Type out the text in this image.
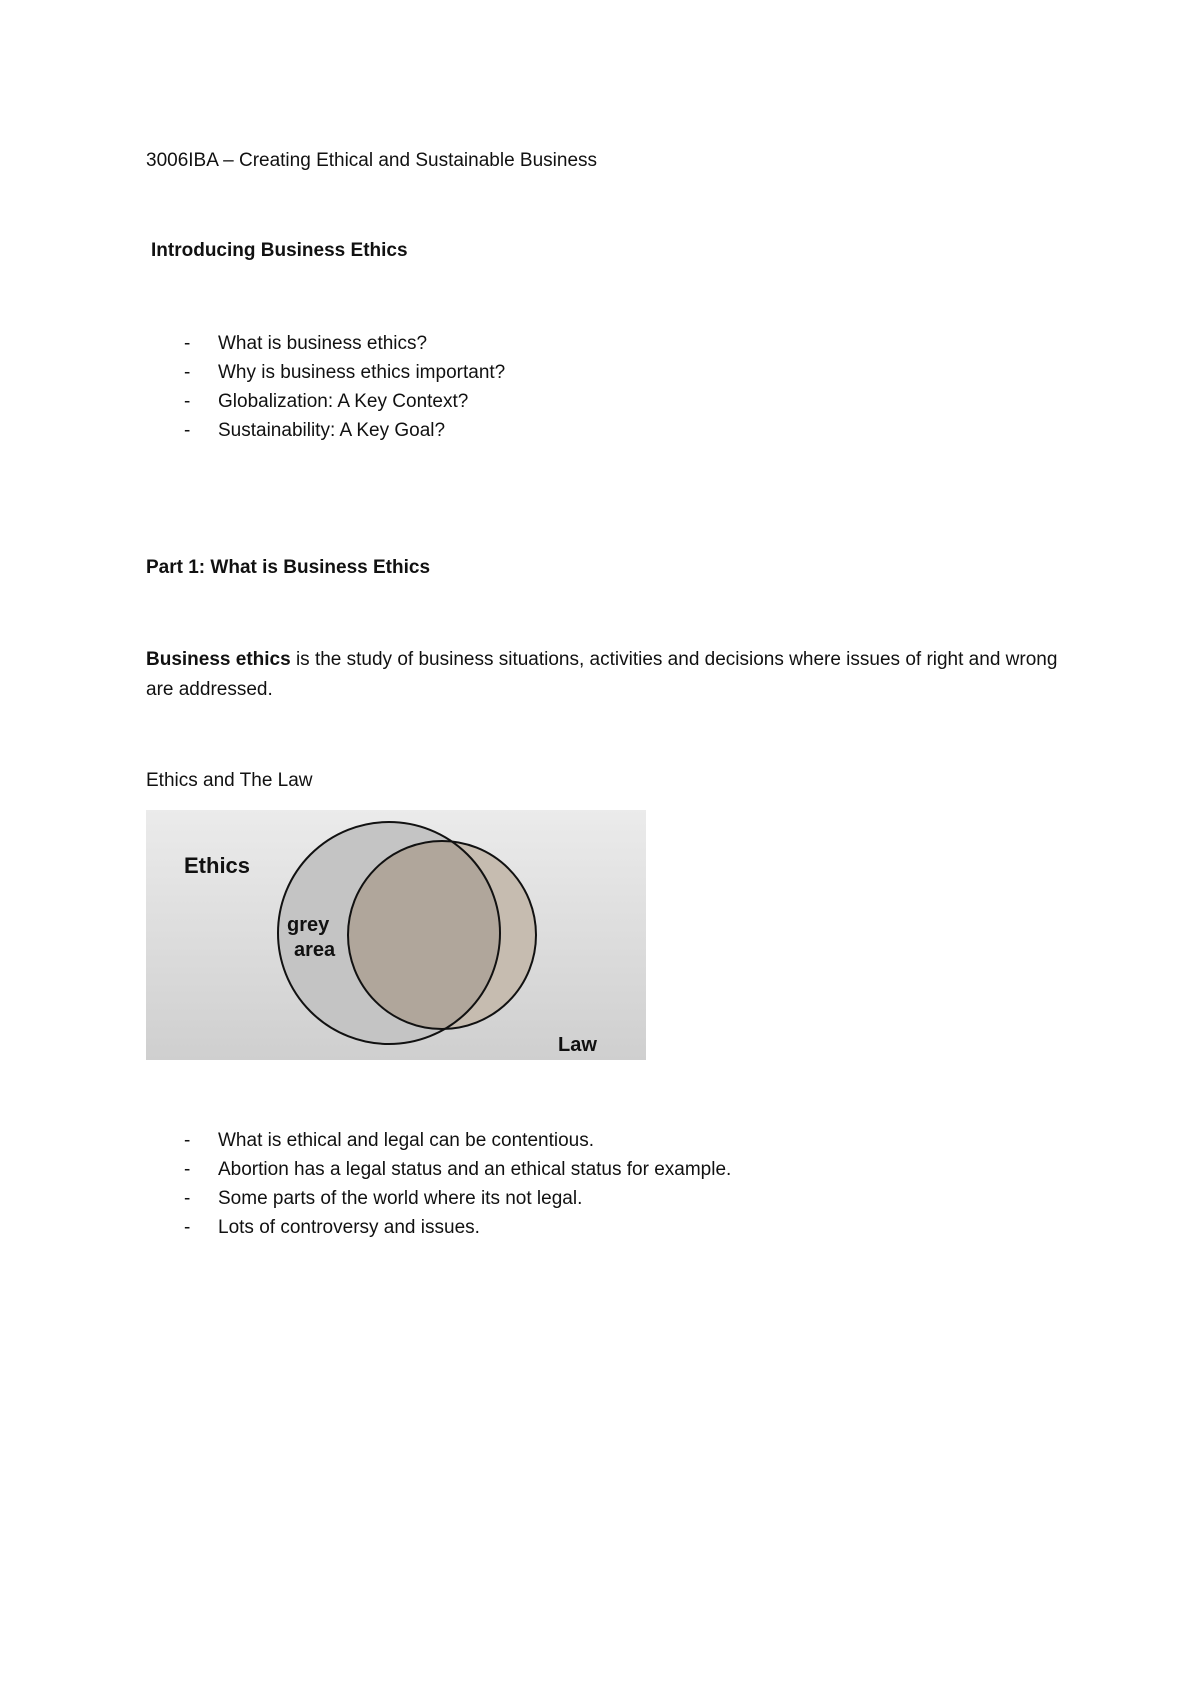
3006IBA – Creating Ethical and Sustainable Business
Introducing Business Ethics
- What is business ethics?
- Why is business ethics important?
- Globalization: A Key Context?
- Sustainability: A Key Goal?
Part 1: What is Business Ethics
Business ethics is the study of business situations, activities and decisions where issues of right and wrong are addressed.
Ethics and The Law
Ethics
grey
area
Law
- What is ethical and legal can be contentious.
- Abortion has a legal status and an ethical status for example.
- Some parts of the world where its not legal.
- Lots of controversy and issues.
